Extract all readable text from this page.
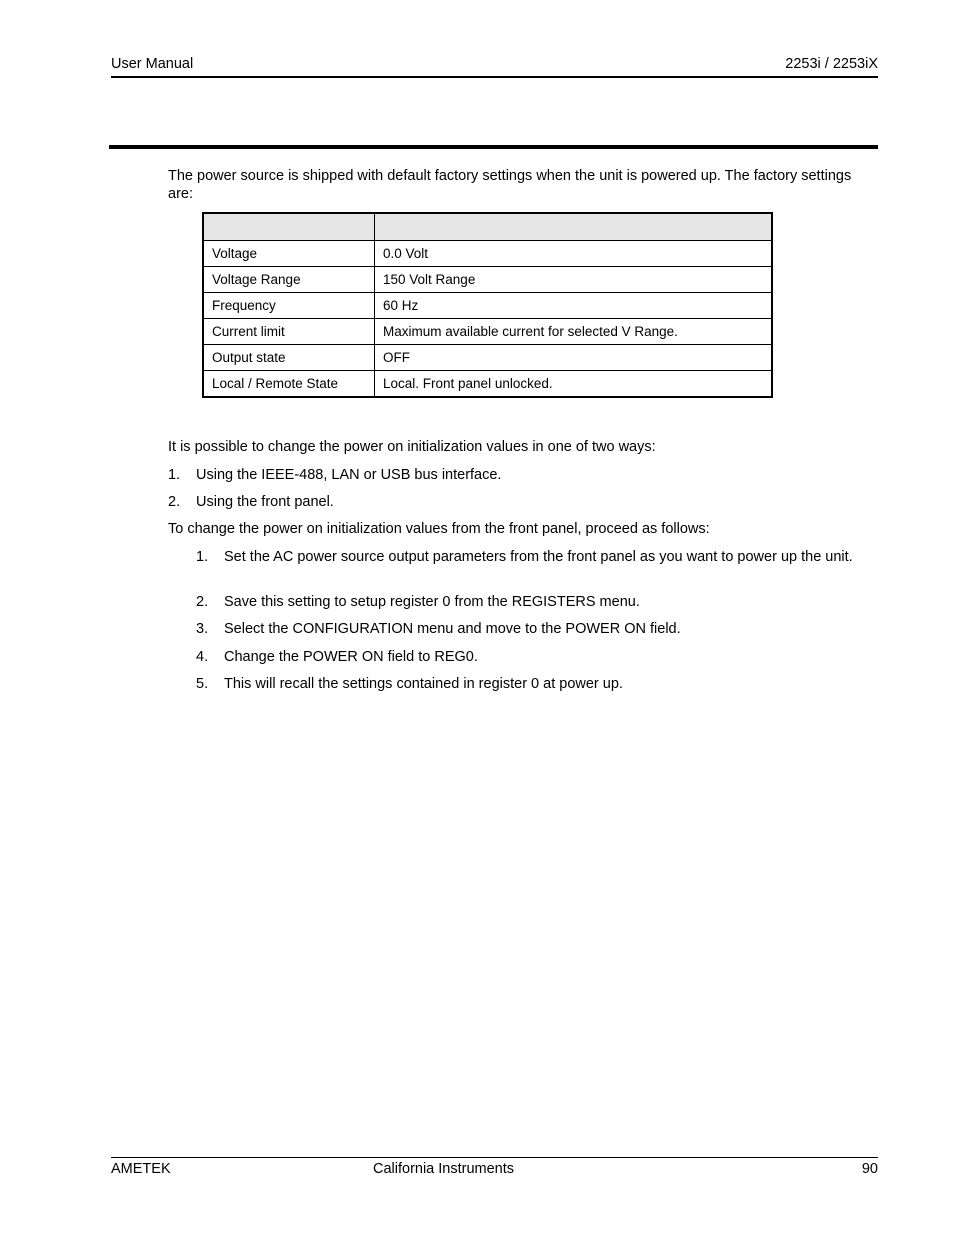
User Manual	2253i / 2253iX
The power source is shipped with default factory settings when the unit is powered up. The factory settings are:

Voltage	0.0 Volt
Voltage Range	150 Volt Range
Frequency	60 Hz
Current limit	Maximum available current for selected V Range.
Output state	OFF
Local / Remote State	Local. Front panel unlocked.
It is possible to change the power on initialization values in one of two ways:
1. Using the IEEE-488, LAN or USB bus interface.
2. Using the front panel.
To change the power on initialization values from the front panel, proceed as follows:
1. Set the AC power source output parameters from the front panel as you want to power up the unit.
2. Save this setting to setup register 0 from the REGISTERS menu.
3. Select the CONFIGURATION menu and move to the POWER ON field.
4. Change the POWER ON field to REG0.
5. This will recall the settings contained in register 0 at power up.
AMETEK	California Instruments	90
